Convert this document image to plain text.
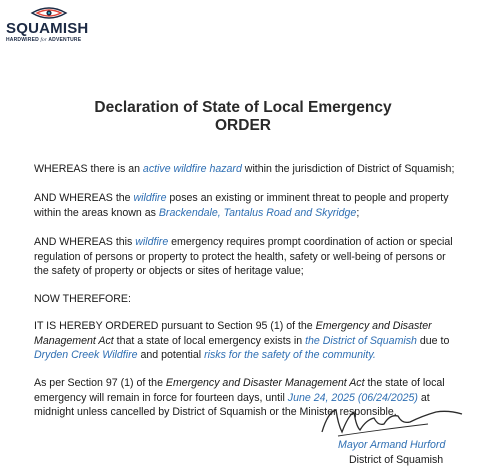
SQUAMISH
HARDWIRED for ADVENTURE
Declaration of State of Local Emergency
ORDER
WHEREAS there is an active wildfire hazard within the jurisdiction of District of Squamish;
AND WHEREAS the wildfire poses an existing or imminent threat to people and property
within the areas known as Brackendale, Tantalus Road and Skyridge;
AND WHEREAS this wildfire emergency requires prompt coordination of action or special
regulation of persons or property to protect the health, safety or well-being of persons or
the safety of property or objects or sites of heritage value;
NOW THEREFORE:
IT IS HEREBY ORDERED pursuant to Section 95 (1) of the Emergency and Disaster
Management Act that a state of local emergency exists in the District of Squamish due to
Dryden Creek Wildfire and potential risks for the safety of the community.
As per Section 97 (1) of the Emergency and Disaster Management Act the state of local
emergency will remain in force for fourteen days, until June 24, 2025 (06/24/2025) at
midnight unless cancelled by District of Squamish or the Minister responsible.
Mayor Armand Hurford
District of Squamish
